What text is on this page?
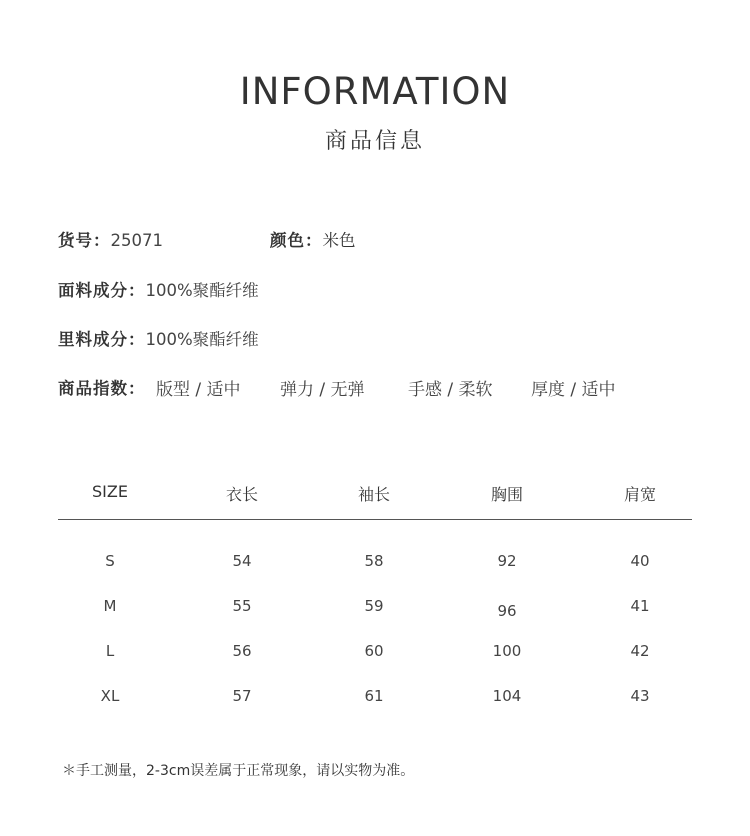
INFORMATION
商品信息
货号：25071	颜色：米色
面料成分：100%聚酯纤维
里料成分：100%聚酯纤维
商品指数： 版型 / 适中 弹力 / 无弹	手感 / 柔软 厚度 / 适中
SIZE	衣长	袖长	胸围	肩宽
S	54	58	92	40
M	55	59	96	41
L	56	60	100	42
XL	57	61	104	43
＊手工测量，2-3cm误差属于正常现象，请以实物为准。
